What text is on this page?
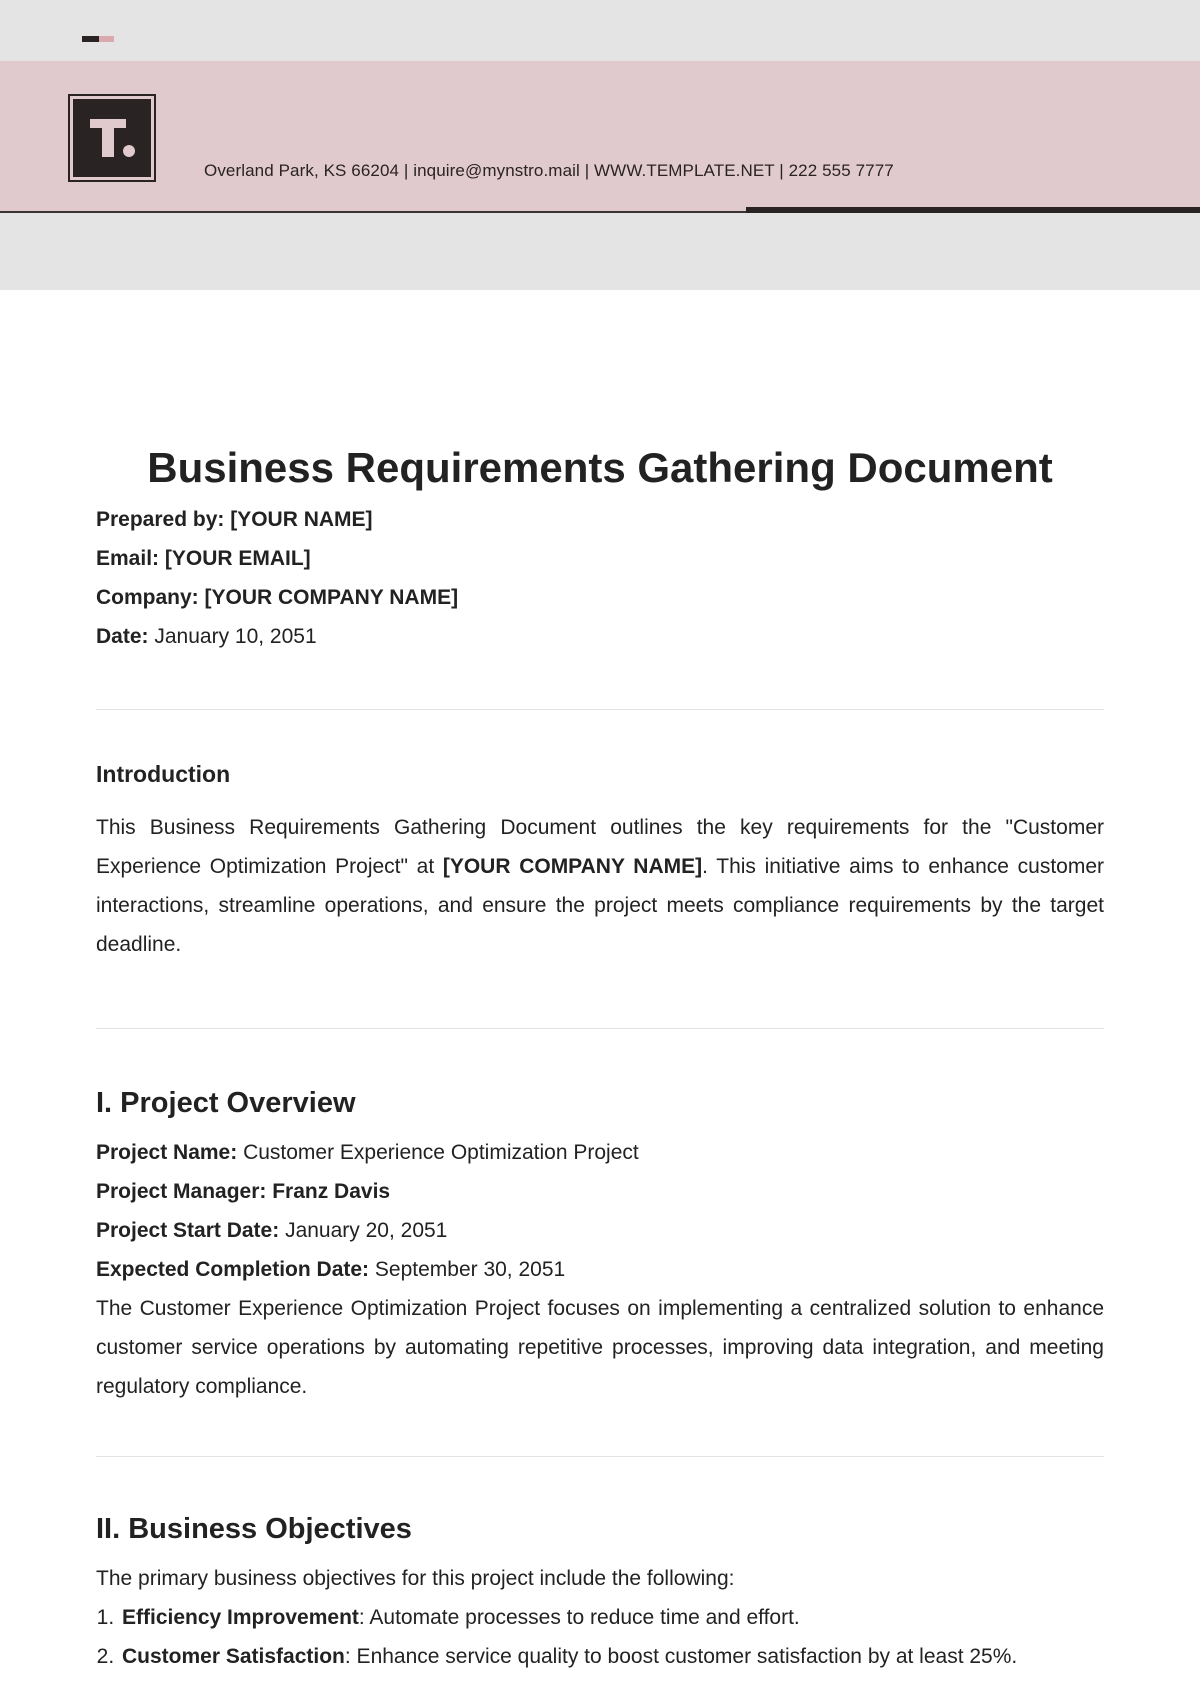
Overland Park, KS 66204 | inquire@mynstro.mail | WWW.TEMPLATE.NET | 222 555 7777
Business Requirements Gathering Document

Prepared by: [YOUR NAME]

Email: [YOUR EMAIL]

Company: [YOUR COMPANY NAME]

Date: January 10, 2051

Introduction

This Business Requirements Gathering Document outlines the key requirements for the "Customer Experience Optimization Project" at [YOUR COMPANY NAME]. This initiative aims to enhance customer interactions, streamline operations, and ensure the project meets compliance requirements by the target deadline.

I. Project Overview

Project Name: Customer Experience Optimization Project

Project Manager: Franz Davis

Project Start Date: January 20, 2051

Expected Completion Date: September 30, 2051

The Customer Experience Optimization Project focuses on implementing a centralized solution to enhance customer service operations by automating repetitive processes, improving data integration, and meeting regulatory compliance.

II. Business Objectives

The primary business objectives for this project include the following:

1. Efficiency Improvement: Automate processes to reduce time and effort.
2. Customer Satisfaction: Enhance service quality to boost customer satisfaction by at least 25%.
